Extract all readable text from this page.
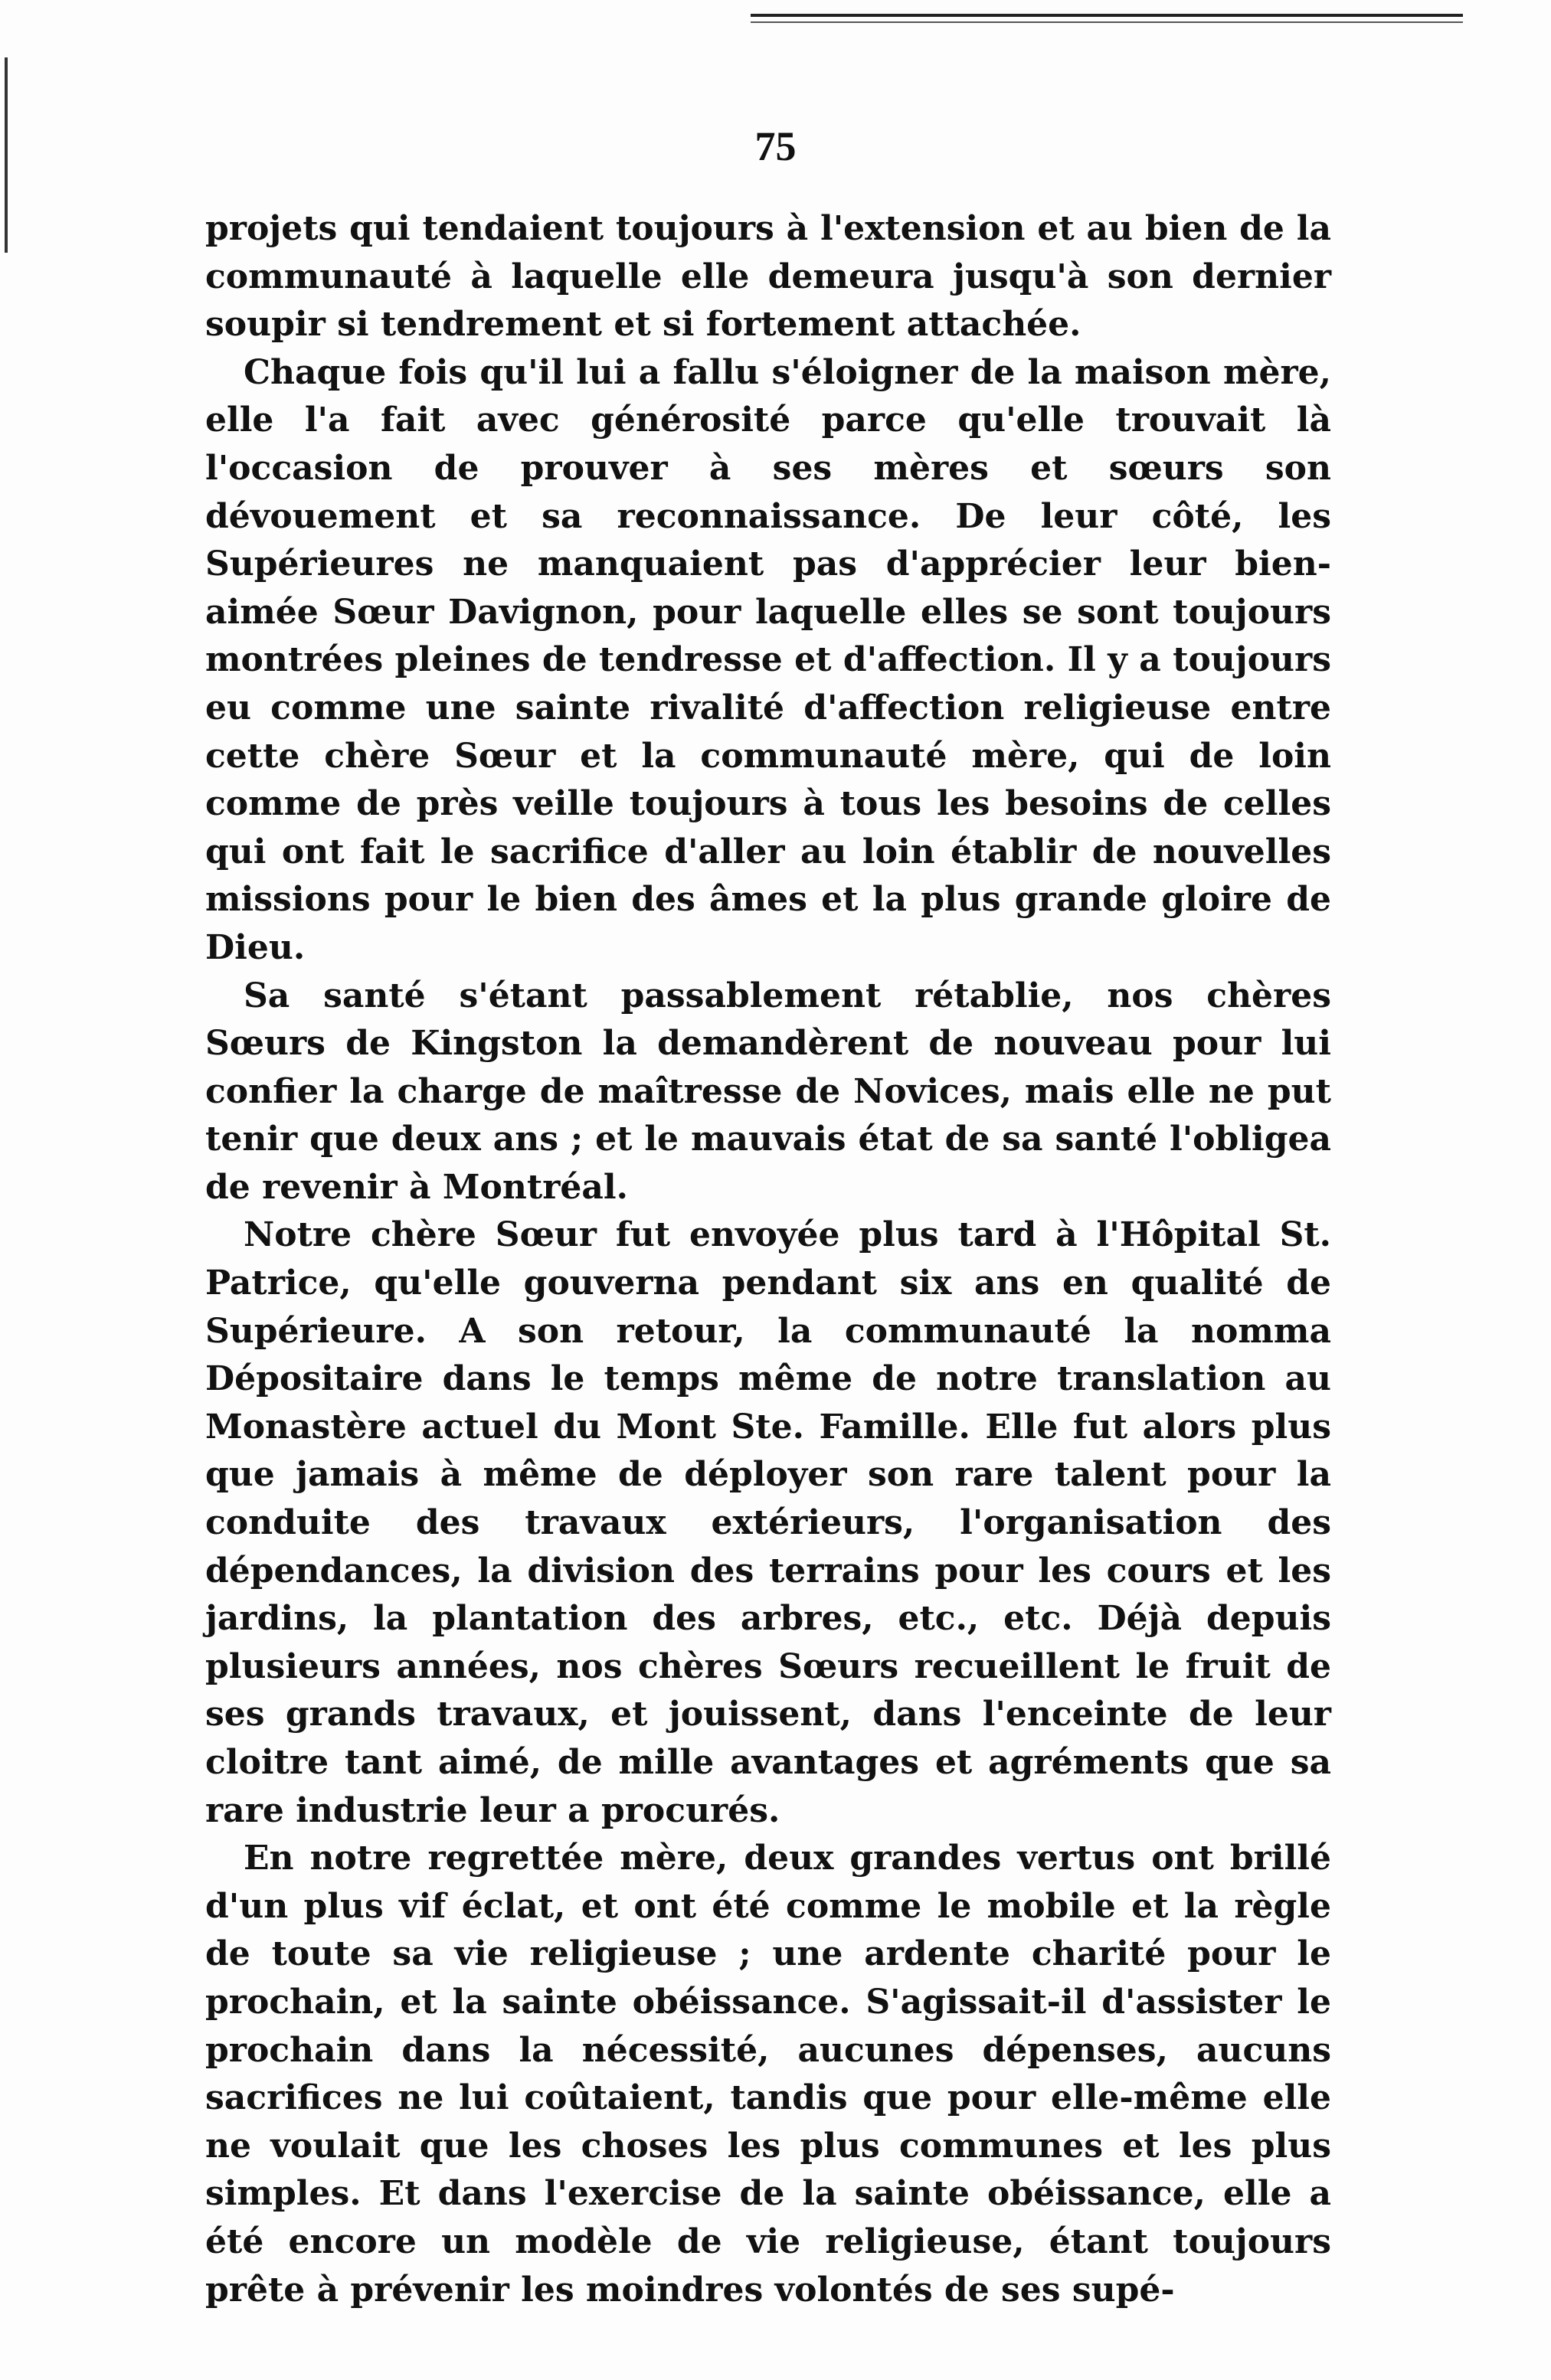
75

projets qui tendaient toujours à l'extension et au bien de la communauté à laquelle elle demeura jusqu'à son dernier soupir si tendrement et si fortement attachée.

Chaque fois qu'il lui a fallu s'éloigner de la maison mère, elle l'a fait avec générosité parce qu'elle trouvait là l'occasion de prouver à ses mères et sœurs son dévouement et sa reconnaissance. De leur côté, les Supérieures ne manquaient pas d'apprécier leur bien-aimée Sœur Davignon, pour laquelle elles se sont toujours montrées pleines de tendresse et d'affection. Il y a toujours eu comme une sainte rivalité d'affection religieuse entre cette chère Sœur et la communauté mère, qui de loin comme de près veille toujours à tous les besoins de celles qui ont fait le sacrifice d'aller au loin établir de nouvelles missions pour le bien des âmes et la plus grande gloire de Dieu.

Sa santé s'étant passablement rétablie, nos chères Sœurs de Kingston la demandèrent de nouveau pour lui confier la charge de maîtresse de Novices, mais elle ne put tenir que deux ans ; et le mauvais état de sa santé l'obligea de revenir à Montréal.

Notre chère Sœur fut envoyée plus tard à l'Hôpital St. Patrice, qu'elle gouverna pendant six ans en qualité de Supérieure. A son retour, la communauté la nomma Dépositaire dans le temps même de notre translation au Monastère actuel du Mont Ste. Famille. Elle fut alors plus que jamais à même de déployer son rare talent pour la conduite des travaux extérieurs, l'organisation des dépendances, la division des terrains pour les cours et les jardins, la plantation des arbres, etc., etc. Déjà depuis plusieurs années, nos chères Sœurs recueillent le fruit de ses grands travaux, et jouissent, dans l'enceinte de leur cloitre tant aimé, de mille avantages et agréments que sa rare industrie leur a procurés.

En notre regrettée mère, deux grandes vertus ont brillé d'un plus vif éclat, et ont été comme le mobile et la règle de toute sa vie religieuse ; une ardente charité pour le prochain, et la sainte obéissance. S'agissait-il d'assister le prochain dans la nécessité, aucunes dépenses, aucuns sacrifices ne lui coûtaient, tandis que pour elle-même elle ne voulait que les choses les plus communes et les plus simples. Et dans l'exercise de la sainte obéissance, elle a été encore un modèle de vie religieuse, étant toujours prête à prévenir les moindres volontés de ses supé-
